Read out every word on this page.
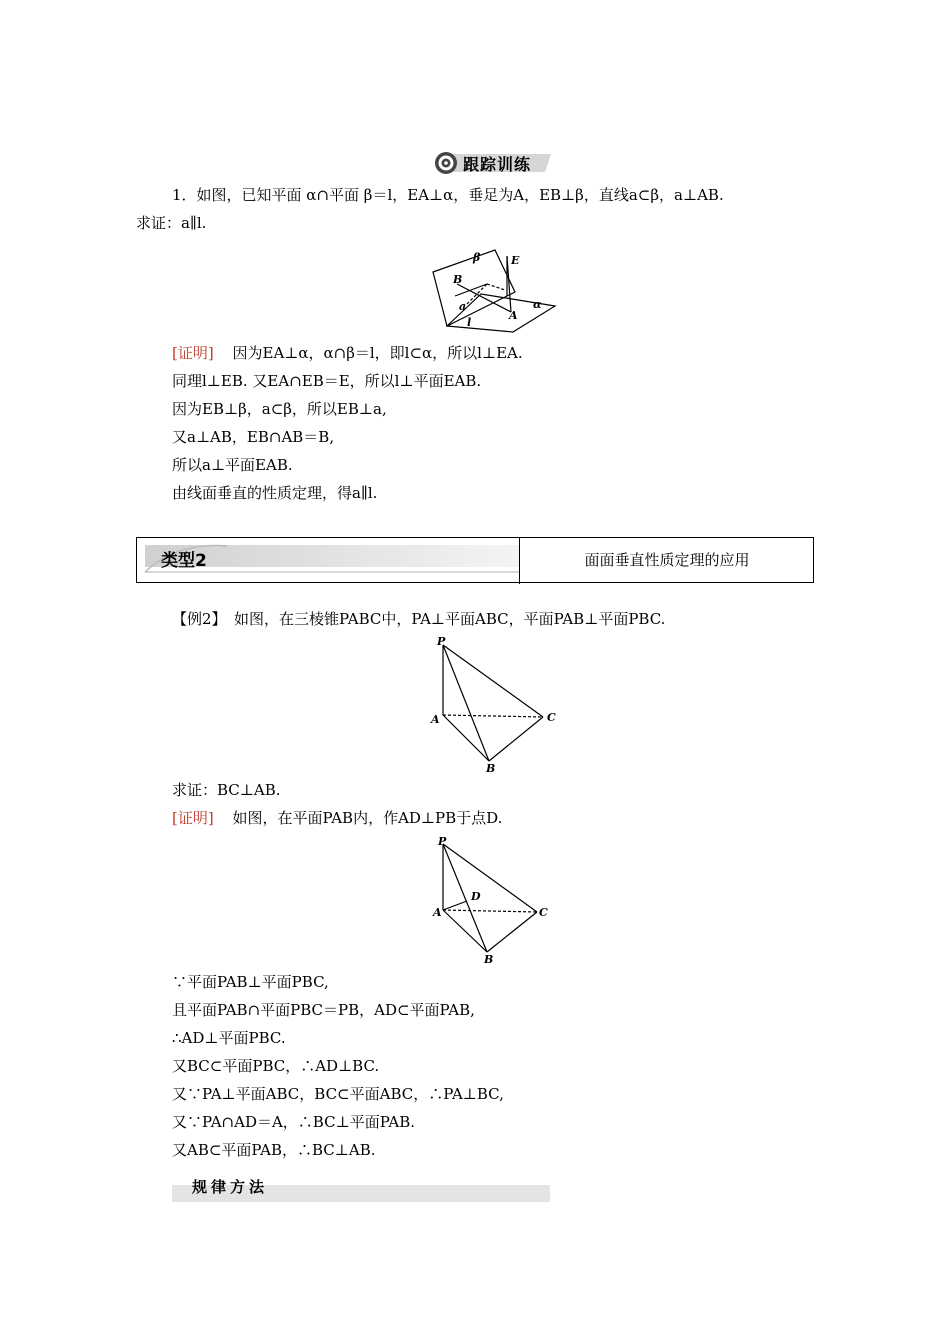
跟踪训练
1．如图，已知平面 α∩平面 β＝l，EA⊥α，垂足为A，EB⊥β，直线a⊂β，a⊥AB.
求证：a∥l.
β	E
B
a	α
A
l
[证明] 因为EA⊥α，α∩β＝l，即l⊂α，所以l⊥EA.
同理l⊥EB. 又EA∩EB＝E，所以l⊥平面EAB.
因为EB⊥β，a⊂β，所以EB⊥a,
又a⊥AB，EB∩AB＝B,
所以a⊥平面EAB.
由线面垂直的性质定理，得a∥l.
类型2	面面垂直性质定理的应用
【例2】　如图，在三棱锥PABC中，PA⊥平面ABC，平面PAB⊥平面PBC.
P
A	C
B
求证：BC⊥AB.
[证明] 如图，在平面PAB内，作AD⊥PB于点D.
P
D
A	C
B
∵平面PAB⊥平面PBC,
且平面PAB∩平面PBC＝PB，AD⊂平面PAB,
∴AD⊥平面PBC.
又BC⊂平面PBC，∴AD⊥BC.
又∵PA⊥平面ABC，BC⊂平面ABC，∴PA⊥BC,
又∵PA∩AD＝A，∴BC⊥平面PAB.
又AB⊂平面PAB，∴BC⊥AB.
规律方法
